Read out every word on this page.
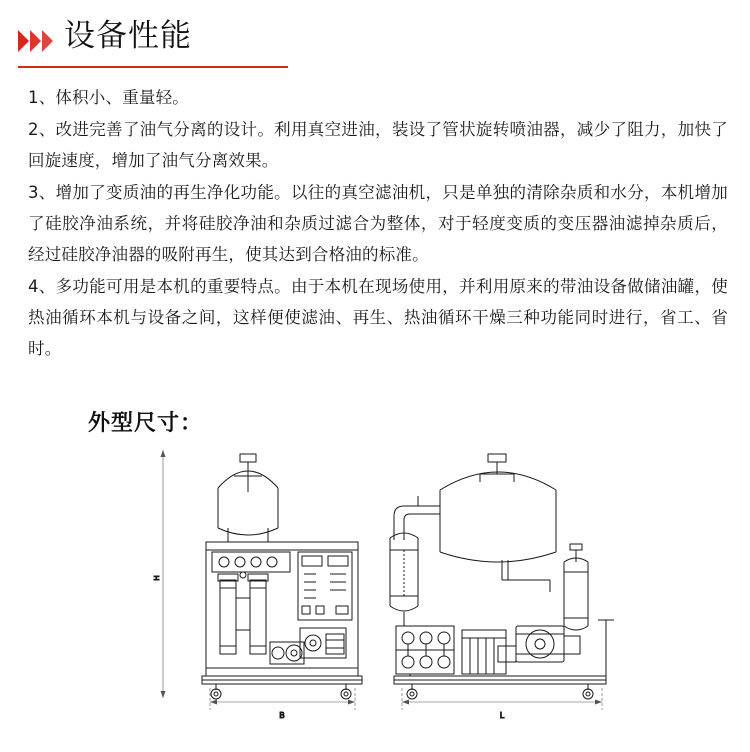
设备性能

1、体积小、重量轻。

2、改进完善了油气分离的设计。利用真空进油，装设了管状旋转喷油器，减少了阻力，加快了回旋速度，增加了油气分离效果。

3、增加了变质油的再生净化功能。以往的真空滤油机，只是单独的清除杂质和水分，本机增加了硅胶净油系统，并将硅胶净油和杂质过滤合为整体，对于轻度变质的变压器油滤掉杂质后，经过硅胶净油器的吸附再生，使其达到合格油的标准。

4、多功能可用是本机的重要特点。由于本机在现场使用，并利用原来的带油设备做储油罐，使热油循环本机与设备之间，这样便使滤油、再生、热油循环干燥三种功能同时进行，省工、省时。

外型尺寸：
H
B	L
